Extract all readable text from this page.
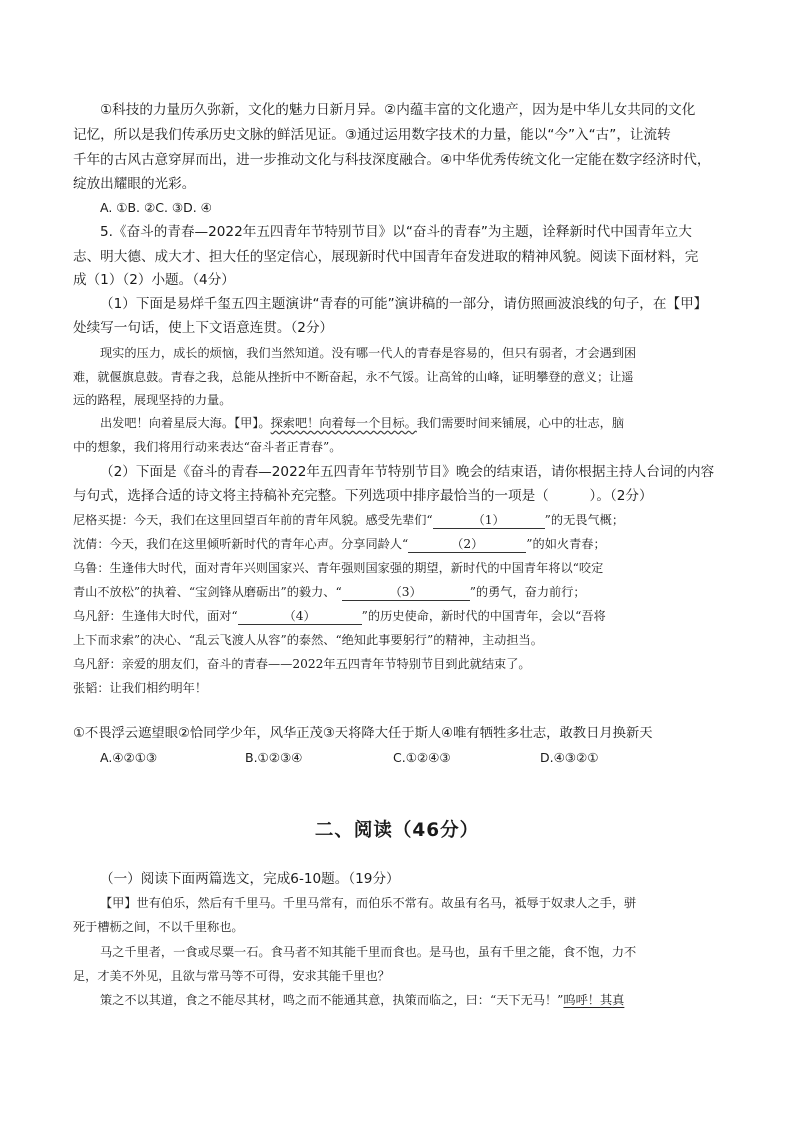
①科技的力量历久弥新，文化的魅力日新月异。②内蕴丰富的文化遗产，因为是中华儿女共同的文化
记忆，所以是我们传承历史文脉的鲜活见证。③通过运用数字技术的力量，能以“今”入“古”，让流转
千年的古风古意穿屏而出，进一步推动文化与科技深度融合。④中华优秀传统文化一定能在数字经济时代，
绽放出耀眼的光彩。
A. ①B. ②C. ③D. ④
5.《奋斗的青春—2022年五四青年节特别节目》以“奋斗的青春”为主题，诠释新时代中国青年立大
志、明大德、成大才、担大任的坚定信心，展现新时代中国青年奋发进取的精神风貌。阅读下面材料，完
成（1）（2）小题。（4分）
（1）下面是易烊千玺五四主题演讲“青春的可能”演讲稿的一部分，请仿照画波浪线的句子，在【甲】
处续写一句话，使上下文语意连贯。（2分）
现实的压力，成长的烦恼，我们当然知道。没有哪一代人的青春是容易的，但只有弱者，才会遇到困
难，就偃旗息鼓。青春之我，总能从挫折中不断奋起，永不气馁。让高耸的山峰，证明攀登的意义；让遥
远的路程，展现坚持的力量。
出发吧！向着星辰大海。【甲】。探索吧！向着每一个目标。我们需要时间来铺展，心中的壮志，脑
中的想象，我们将用行动来表达“奋斗者正青春”。
（2）下面是《奋斗的青春—2022年五四青年节特别节目》晚会的结束语，请你根据主持人台词的内容
与句式，选择合适的诗文将主持稿补充完整。下列选项中排序最恰当的一项是（　　　）。（2分）
尼格买提：今天，我们在这里回望百年前的青年风貌。感受先辈们“	（1）	”的无畏气概；
沈倩：今天，我们在这里倾听新时代的青年心声。分享同龄人“	（2）	”的如火青春；
乌鲁：生逢伟大时代，面对青年兴则国家兴、青年强则国家强的期望，新时代的中国青年将以“咬定
青山不放松”的执着、“宝剑锋从磨砺出”的毅力、“	（3）	”的勇气，奋力前行；
乌凡舒：生逢伟大时代，面对“	（4）	”的历史使命，新时代的中国青年，会以“吾将
上下而求索”的决心、“乱云飞渡人从容”的泰然、“绝知此事要躬行”的精神，主动担当。
乌凡舒：亲爱的朋友们，奋斗的青春——2022年五四青年节特别节目到此就结束了。
张韬：让我们相约明年！
①不畏浮云遮望眼②恰同学少年，风华正茂③天将降大任于斯人④唯有牺牲多壮志，敢教日月换新天
A.④②①③	B.①②③④	C.①②④③	D.④③②①
二、阅读（46分）
（一）阅读下面两篇选文，完成6-10题。（19分）
【甲】世有伯乐，然后有千里马。千里马常有，而伯乐不常有。故虽有名马，祗辱于奴隶人之手，骈
死于槽枥之间，不以千里称也。
马之千里者，一食或尽粟一石。食马者不知其能千里而食也。是马也，虽有千里之能，食不饱，力不
足，才美不外见，且欲与常马等不可得，安求其能千里也？
策之不以其道，食之不能尽其材，鸣之而不能通其意，执策而临之，曰：“天下无马！”呜呼！其真
